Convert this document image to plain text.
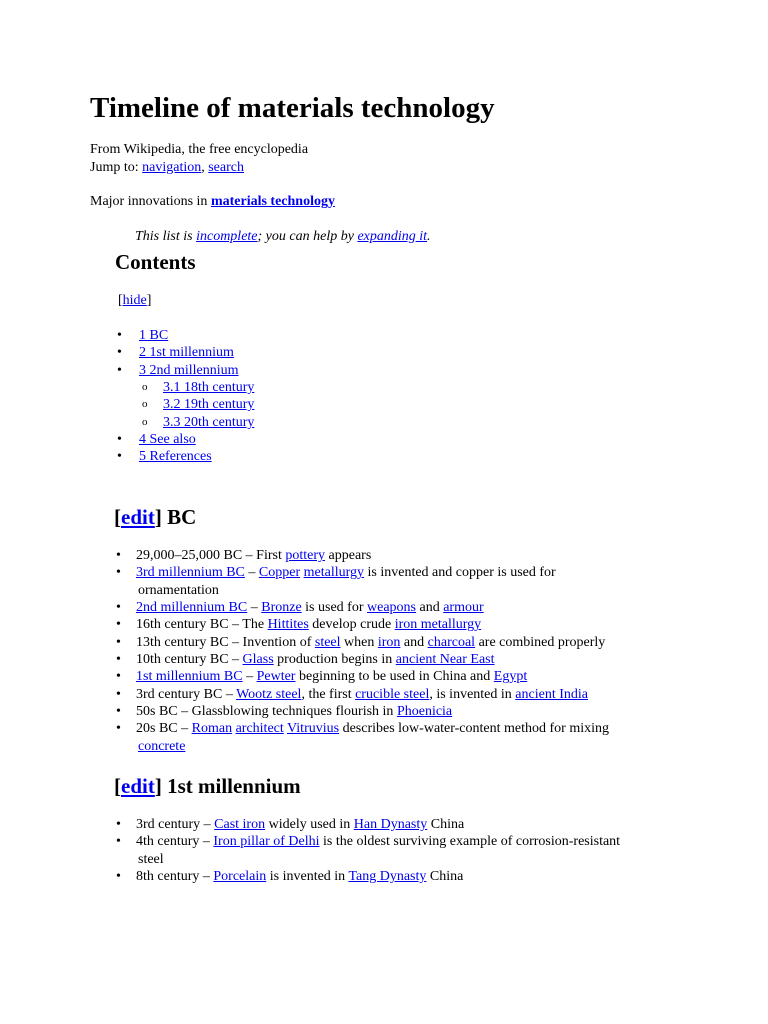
Timeline of materials technology
From Wikipedia, the free encyclopedia
Jump to: navigation, search
Major innovations in materials technology
This list is incomplete; you can help by expanding it.
Contents
[hide]
• 1 BC
• 2 1st millennium
• 3 2nd millennium
o 3.1 18th century
o 3.2 19th century
o 3.3 20th century
• 4 See also
• 5 References
[edit] BC
• 29,000–25,000 BC – First pottery appears
• 3rd millennium BC – Copper metallurgy is invented and copper is used for
ornamentation
• 2nd millennium BC – Bronze is used for weapons and armour
• 16th century BC – The Hittites develop crude iron metallurgy
• 13th century BC – Invention of steel when iron and charcoal are combined properly
• 10th century BC – Glass production begins in ancient Near East
• 1st millennium BC – Pewter beginning to be used in China and Egypt
• 3rd century BC – Wootz steel, the first crucible steel, is invented in ancient India
• 50s BC – Glassblowing techniques flourish in Phoenicia
• 20s BC – Roman architect Vitruvius describes low-water-content method for mixing
concrete
[edit] 1st millennium
• 3rd century – Cast iron widely used in Han Dynasty China
• 4th century – Iron pillar of Delhi is the oldest surviving example of corrosion-resistant
steel
• 8th century – Porcelain is invented in Tang Dynasty China
